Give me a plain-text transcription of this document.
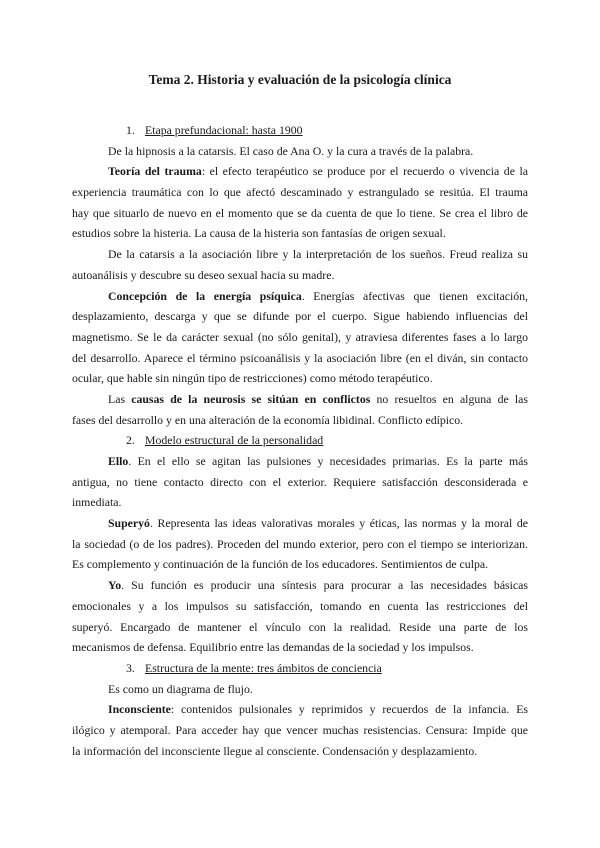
Tema 2. Historia y evaluación de la psicología clínica
1. Etapa prefundacional: hasta 1900
De la hipnosis a la catarsis. El caso de Ana O. y la cura a través de la palabra.
Teoría del trauma: el efecto terapéutico se produce por el recuerdo o vivencia de la
experiencia traumática con lo que afectó descaminado y estrangulado se resitúa. El trauma
hay que situarlo de nuevo en el momento que se da cuenta de que lo tiene. Se crea el libro de
estudios sobre la histeria. La causa de la histeria son fantasías de origen sexual.
De la catarsis a la asociación libre y la interpretación de los sueños. Freud realiza su
autoanálisis y descubre su deseo sexual hacia su madre.
Concepción de la energía psíquica. Energías afectivas que tienen excitación,
desplazamiento, descarga y que se difunde por el cuerpo. Sigue habiendo influencias del
magnetismo. Se le da carácter sexual (no sólo genital), y atraviesa diferentes fases a lo largo
del desarrollo. Aparece el término psicoanálisis y la asociación libre (en el diván, sin contacto
ocular, que hable sin ningún tipo de restricciones) como método terapéutico.
Las causas de la neurosis se sitúan en conflictos no resueltos en alguna de las
fases del desarrollo y en una alteración de la economía libidinal. Conflicto edípico.
2. Modelo estructural de la personalidad
Ello. En el ello se agitan las pulsiones y necesidades primarias. Es la parte más
antigua, no tiene contacto directo con el exterior. Requiere satisfacción desconsiderada e
inmediata.
Superyó. Representa las ideas valorativas morales y éticas, las normas y la moral de
la sociedad (o de los padres). Proceden del mundo exterior, pero con el tiempo se interiorizan.
Es complemento y continuación de la función de los educadores. Sentimientos de culpa.
Yo. Su función es producir una síntesis para procurar a las necesidades básicas
emocionales y a los impulsos su satisfacción, tomando en cuenta las restricciones del
superyó. Encargado de mantener el vínculo con la realidad. Reside una parte de los
mecanismos de defensa. Equilibrio entre las demandas de la sociedad y los impulsos.
3. Estructura de la mente: tres ámbitos de conciencia
Es como un diagrama de flujo.
Inconsciente: contenidos pulsionales y reprimidos y recuerdos de la infancia. Es
ilógico y atemporal. Para acceder hay que vencer muchas resistencias. Censura: Impide que
la información del inconsciente llegue al consciente. Condensación y desplazamiento.
